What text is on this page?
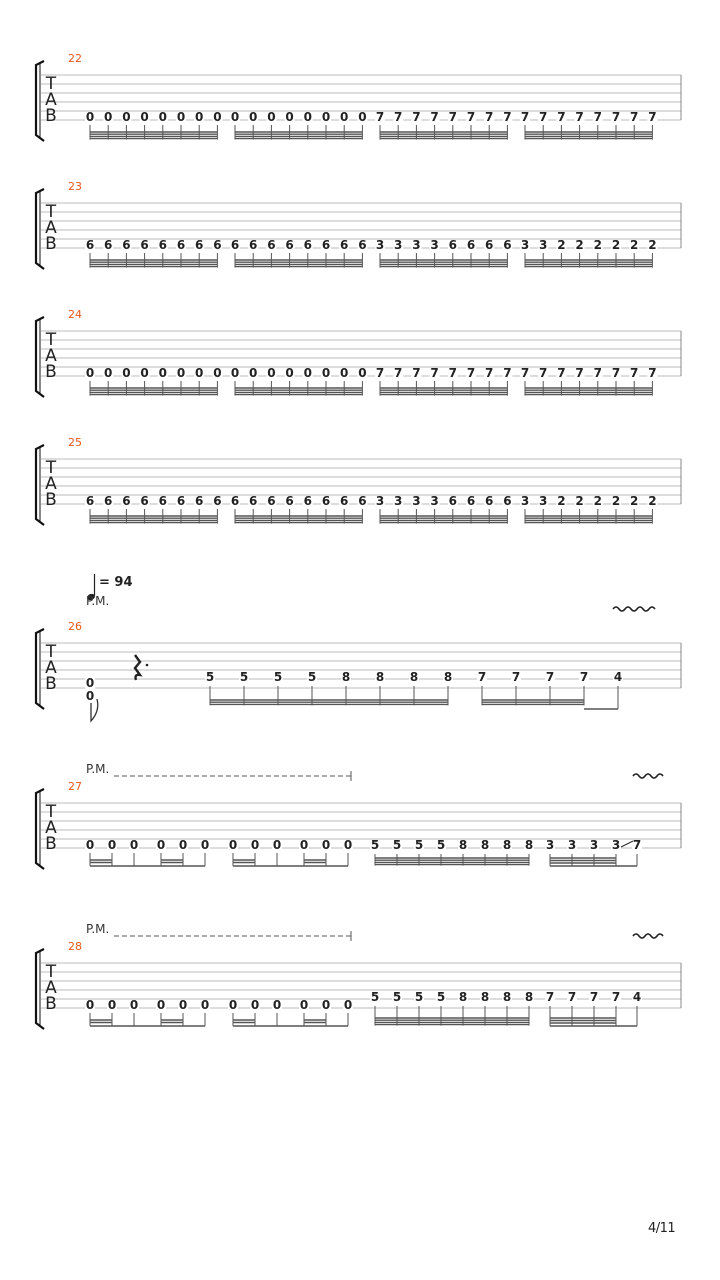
22
T
A
B 0 0 0 0 0 0 0 0 0 0 0 0 0 0 0 0 7 7 7 7 7 7 7 7 7 7 7 7 7 7 7 7
23
T
A
B 6 6 6 6 6 6 6 6 6 6 6 6 6 6 6 6 3 3 3 3 6 6 6 6 3 3 2 2 2 2 2 2
24
T
A
B 0 0 0 0 0 0 0 0 0 0 0 0 0 0 0 0 7 7 7 7 7 7 7 7 7 7 7 7 7 7 7 7
25
T
A
B 6 6 6 6 6 6 6 6 6 6 6 6 6 6 6 6 3 3 3 3 6 6 6 6 3 3 2 2 2 2 2 2
= 94
P.M.
26
T
A
B 0
0
5 5 5 5 8 8 8 8 7 7 7 7 4
P.M.
27
T
A
B 0 0 0 0 0 0 0 0 0 0 0 0 5 5 5 5 8 8 8 8 3 3 3 3 7
P.M.
28
T
A
B 0 0 0 0 0 0 0 0 0 0 0 0
5 5 5 5 8 8 8 8 7 7 7 7 4
4/11
